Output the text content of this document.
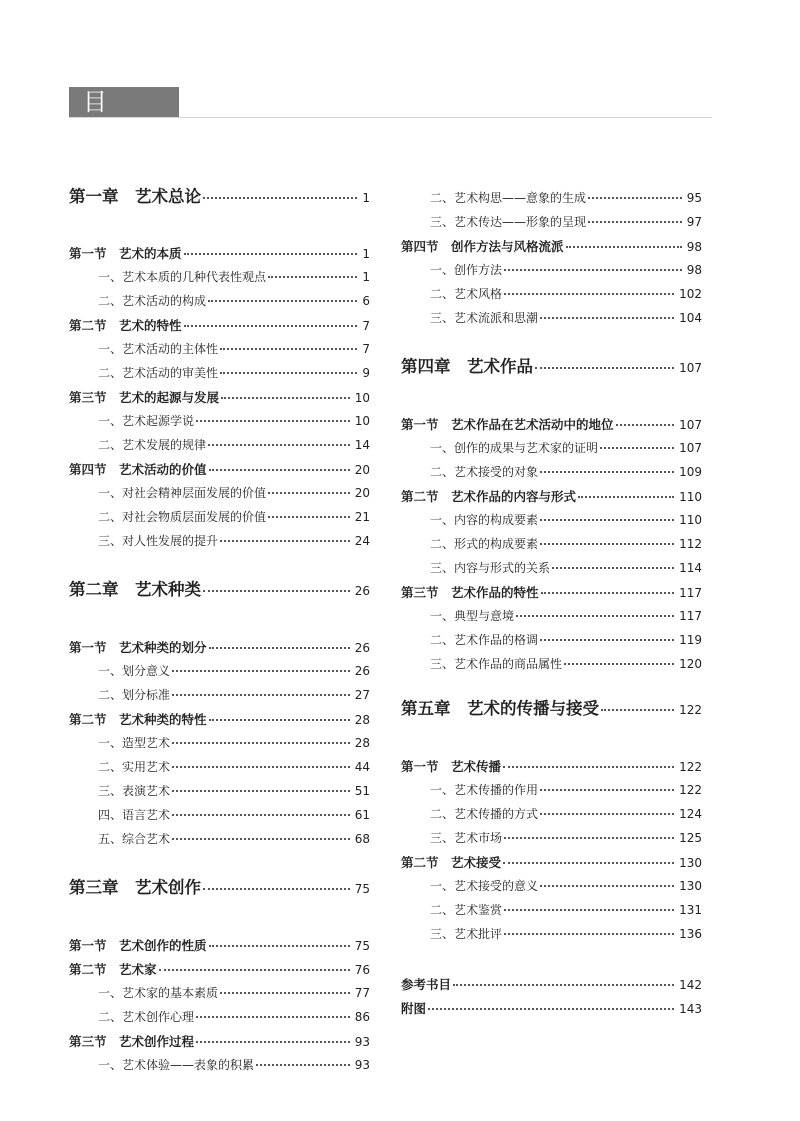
目 录
第一章　艺术总论	1
第一节　艺术的本质	1
一、艺术本质的几种代表性观点	1
二、艺术活动的构成	6
第二节　艺术的特性	7
一、艺术活动的主体性	7
二、艺术活动的审美性	9
第三节　艺术的起源与发展	10
一、艺术起源学说	10
二、艺术发展的规律	14
第四节　艺术活动的价值	20
一、对社会精神层面发展的价值	20
二、对社会物质层面发展的价值	21
三、对人性发展的提升	24
第二章　艺术种类	26
第一节　艺术种类的划分	26
一、划分意义	26
二、划分标准	27
第二节　艺术种类的特性	28
一、造型艺术	28
二、实用艺术	44
三、表演艺术	51
四、语言艺术	61
五、综合艺术	68
第三章　艺术创作	75
第一节　艺术创作的性质	75
第二节　艺术家	76
一、艺术家的基本素质	77
二、艺术创作心理	86
第三节　艺术创作过程	93
一、艺术体验——表象的积累	93
二、艺术构思——意象的生成	95
三、艺术传达——形象的呈现	97
第四节　创作方法与风格流派	98
一、创作方法	98
二、艺术风格	102
三、艺术流派和思潮	104
第四章　艺术作品	107
第一节　艺术作品在艺术活动中的地位	107
一、创作的成果与艺术家的证明	107
二、艺术接受的对象	109
第二节　艺术作品的内容与形式	110
一、内容的构成要素	110
二、形式的构成要素	112
三、内容与形式的关系	114
第三节　艺术作品的特性	117
一、典型与意境	117
二、艺术作品的格调	119
三、艺术作品的商品属性	120
第五章　艺术的传播与接受	122
第一节　艺术传播	122
一、艺术传播的作用	122
二、艺术传播的方式	124
三、艺术市场	125
第二节　艺术接受	130
一、艺术接受的意义	130
二、艺术鉴赏	131
三、艺术批评	136
参考书目	142
附图	143
